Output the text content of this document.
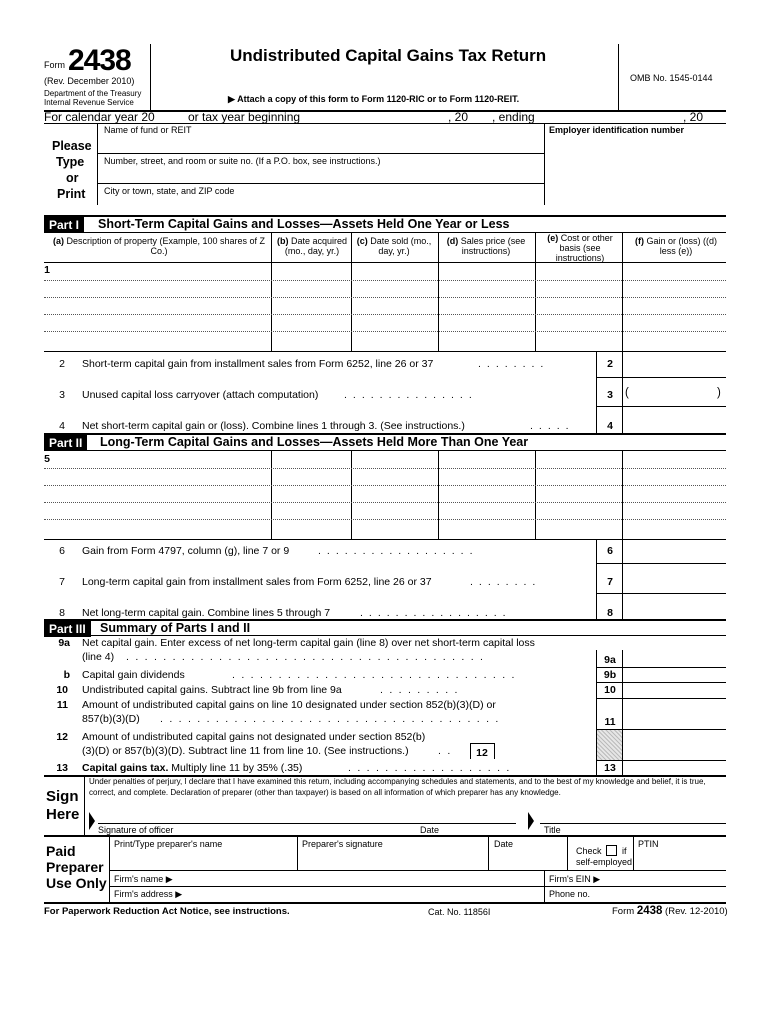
Form 2438
(Rev. December 2010)
Department of the Treasury
Internal Revenue Service
Undistributed Capital Gains Tax Return
▶ Attach a copy of this form to Form 1120-RIC or to Form 1120-REIT.
OMB No. 1545-0144
For calendar year 20	or tax year beginning	, 20 , ending	, 20
Please
Type
or
Print
Name of fund or REIT	Employer identification number
Number, street, and room or suite no. (If a P.O. box, see instructions.)
City or town, state, and ZIP code
Part I	Short-Term Capital Gains and Losses—Assets Held One Year or Less
(a) Description of property (Example, 100 shares of Z Co.)
(b) Date acquired (mo., day, yr.)
(c) Date sold (mo., day, yr.)
(d) Sales price (see instructions)
(e) Cost or other basis (see instructions)
(f) Gain or (loss) ((d) less (e))
1
2 Short-term capital gain from installment sales from Form 6252, line 26 or 37	........	2
3 Unused capital loss carryover (attach computation) ...............	3	(	)
4 Net short-term capital gain or (loss). Combine lines 1 through 3. (See instructions.)	.....	4
Part II	Long-Term Capital Gains and Losses—Assets Held More Than One Year
5
6 Gain from Form 4797, column (g), line 7 or 9	..................	6
7 Long-term capital gain from installment sales from Form 6252, line 26 or 37	........	7
8 Net long-term capital gain. Combine lines 5 through 7	.................	8
Part III	Summary of Parts I and II
9a Net capital gain. Enter excess of net long-term capital gain (line 8) over net short-term capital loss
(line 4) .......................................	9a
b Capital gain dividends	...............................	9b
10 Undistributed capital gains. Subtract line 9b from line 9a	.........	10
11 Amount of undistributed capital gains on line 10 designated under section 852(b)(3)(D) or
857(b)(3)(D) .....................................	11
12 Amount of undistributed capital gains not designated under section 852(b)
(3)(D) or 857(b)(3)(D). Subtract line 11 from line 10. (See instructions.)	..	12
13 Capital gains tax. Multiply line 11 by 35% (.35)	..................	13
Sign
Here
Under penalties of perjury, I declare that I have examined this return, including accompanying schedules and statements, and to the best of my knowledge and belief, it is true,
correct, and complete. Declaration of preparer (other than taxpayer) is based on all information of which preparer has any knowledge.
Signature of officer	Date	Title
Paid
Preparer
Use Only
Print/Type preparer's name	Preparer's signature	Date
Check if
self-employed
PTIN
Firm's name ▶	Firm's EIN ▶
Firm's address ▶	Phone no.
For Paperwork Reduction Act Notice, see instructions.	Cat. No. 11856I	Form 2438 (Rev. 12-2010)
